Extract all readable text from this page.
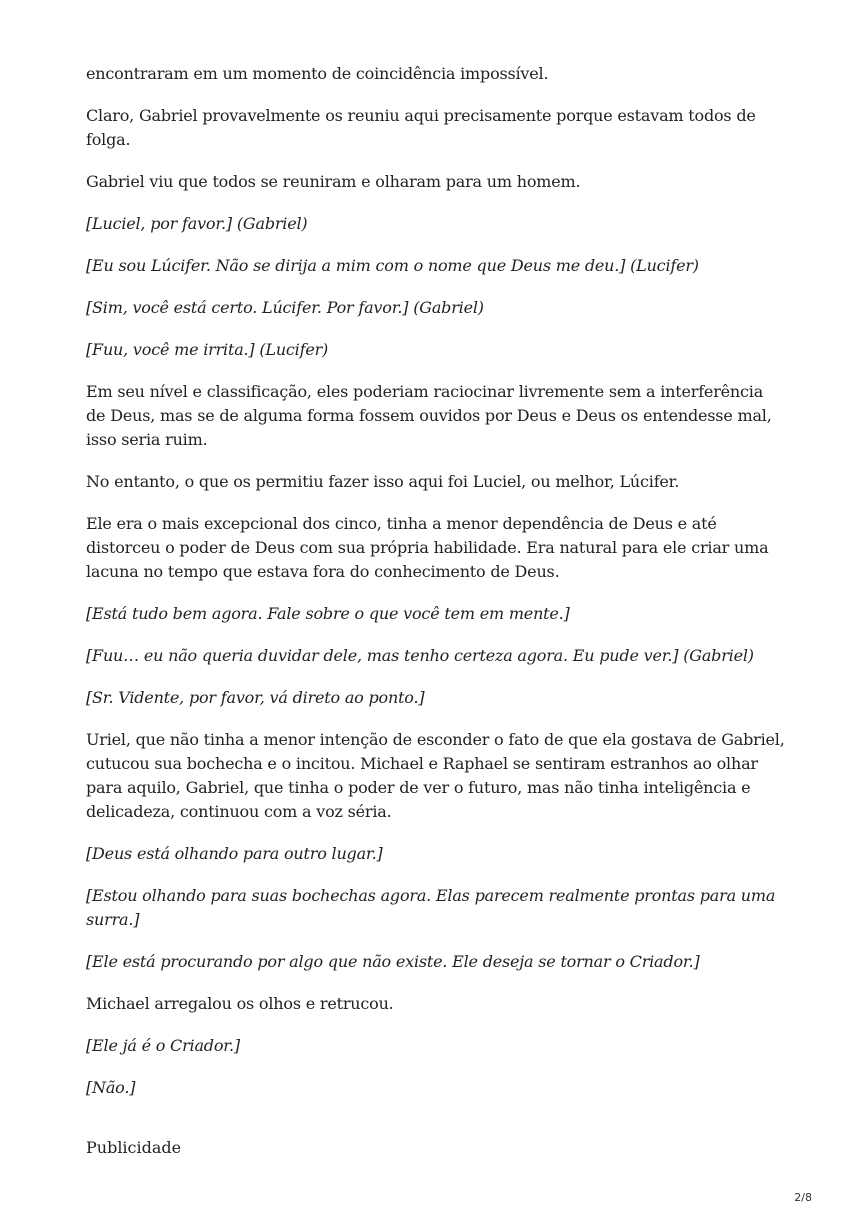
encontraram em um momento de coincidência impossível.

Claro, Gabriel provavelmente os reuniu aqui precisamente porque estavam todos de folga.

Gabriel viu que todos se reuniram e olharam para um homem.

[Luciel, por favor.] (Gabriel)

[Eu sou Lúcifer. Não se dirija a mim com o nome que Deus me deu.] (Lucifer)

[Sim, você está certo. Lúcifer. Por favor.] (Gabriel)

[Fuu, você me irrita.] (Lucifer)

Em seu nível e classificação, eles poderiam raciocinar livremente sem a interferência de Deus, mas se de alguma forma fossem ouvidos por Deus e Deus os entendesse mal, isso seria ruim.

No entanto, o que os permitiu fazer isso aqui foi Luciel, ou melhor, Lúcifer.

Ele era o mais excepcional dos cinco, tinha a menor dependência de Deus e até distorceu o poder de Deus com sua própria habilidade. Era natural para ele criar uma lacuna no tempo que estava fora do conhecimento de Deus.

[Está tudo bem agora. Fale sobre o que você tem em mente.]

[Fuu… eu não queria duvidar dele, mas tenho certeza agora. Eu pude ver.] (Gabriel)

[Sr. Vidente, por favor, vá direto ao ponto.]

Uriel, que não tinha a menor intenção de esconder o fato de que ela gostava de Gabriel, cutucou sua bochecha e o incitou. Michael e Raphael se sentiram estranhos ao olhar para aquilo, Gabriel, que tinha o poder de ver o futuro, mas não tinha inteligência e delicadeza, continuou com a voz séria.

[Deus está olhando para outro lugar.]

[Estou olhando para suas bochechas agora. Elas parecem realmente prontas para uma surra.]

[Ele está procurando por algo que não existe. Ele deseja se tornar o Criador.]

Michael arregalou os olhos e retrucou.

[Ele já é o Criador.]

[Não.]

Publicidade
2/8
